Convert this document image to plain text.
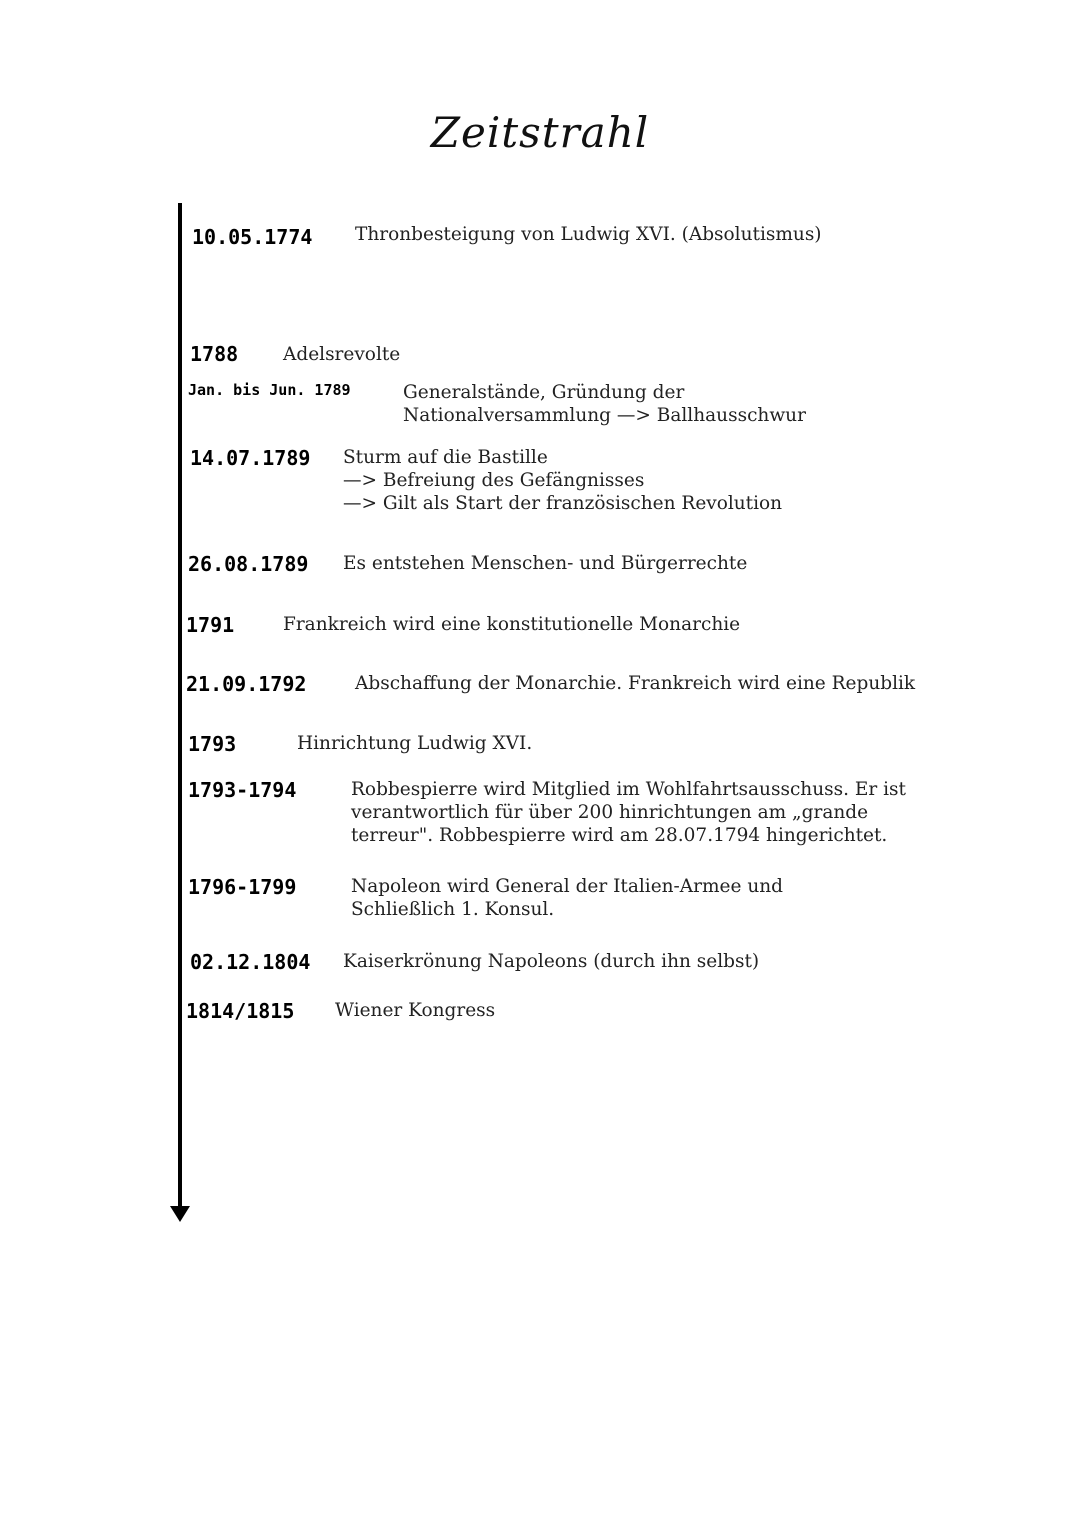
Zeitstrahl
10.05.1774 Thronbesteigung von Ludwig XVI. (Absolutismus)
1788 Adelsrevolte
Jan. bis Jun. 1789	Generalstände, Gründung der
Nationalversammlung —> Ballhausschwur
14.07.1789 Sturm auf die Bastille
—> Befreiung des Gefängnisses
—> Gilt als Start der französischen Revolution
26.08.1789 Es entstehen Menschen- und Bürgerrechte
1791	Frankreich wird eine konstitutionelle Monarchie
21.09.1792	Abschaffung der Monarchie. Frankreich wird eine Republik
1793	Hinrichtung Ludwig XVI.
1793-1794	Robbespierre wird Mitglied im Wohlfahrtsausschuss. Er ist
verantwortlich für über 200 hinrichtungen am „grande
terreur". Robbespierre wird am 28.07.1794 hingerichtet.
1796-1799	Napoleon wird General der Italien-Armee und
Schließlich 1. Konsul.
02.12.1804 Kaiserkrönung Napoleons (durch ihn selbst)
1814/1815 Wiener Kongress
